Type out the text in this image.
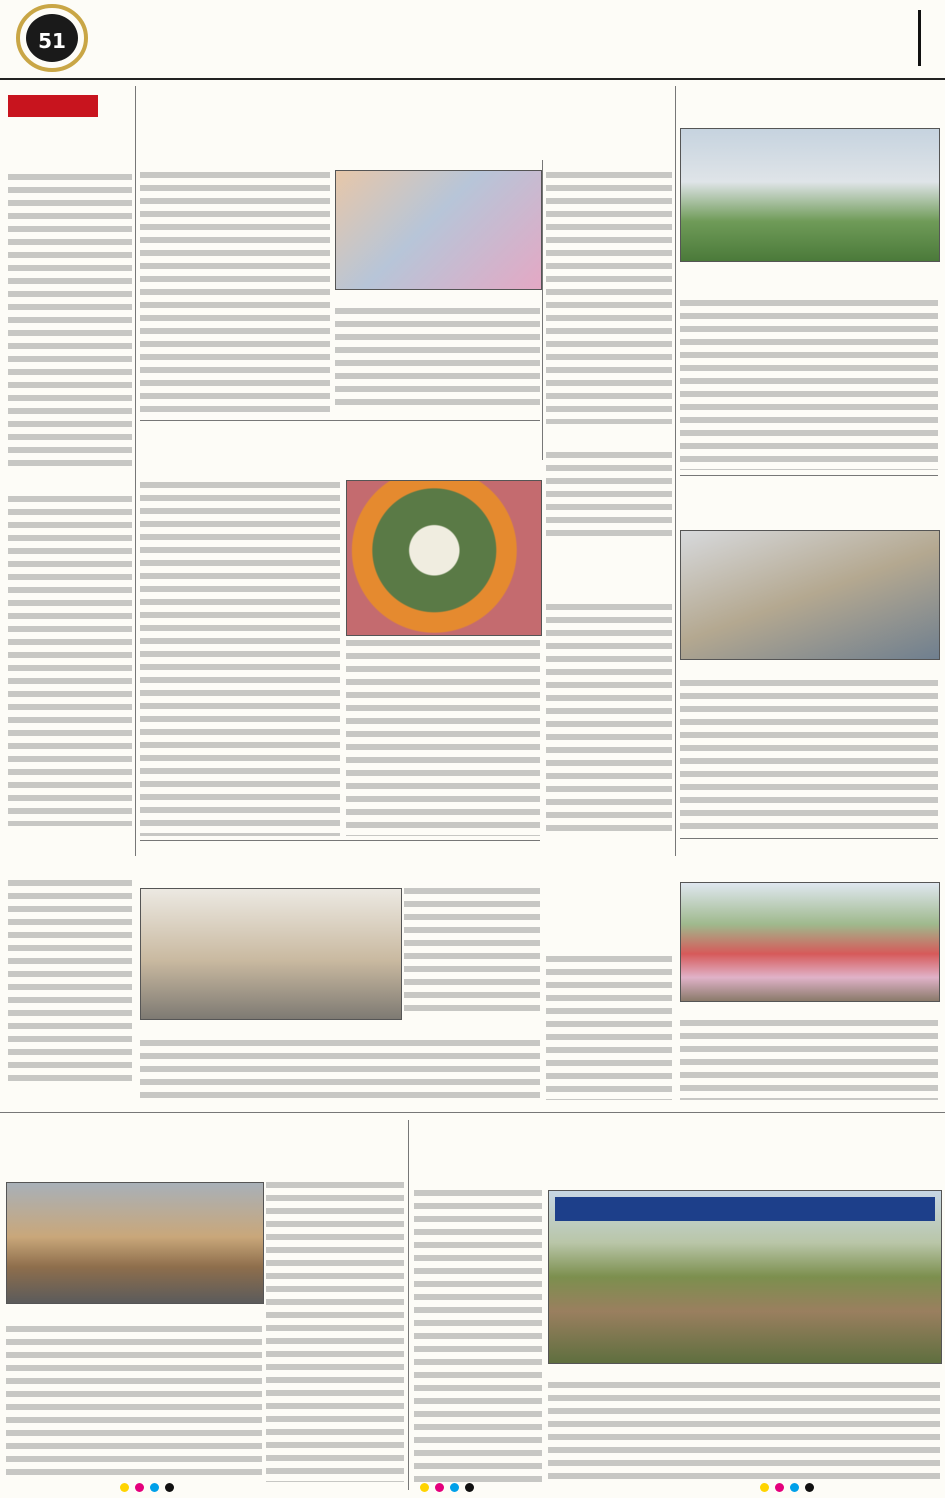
51
